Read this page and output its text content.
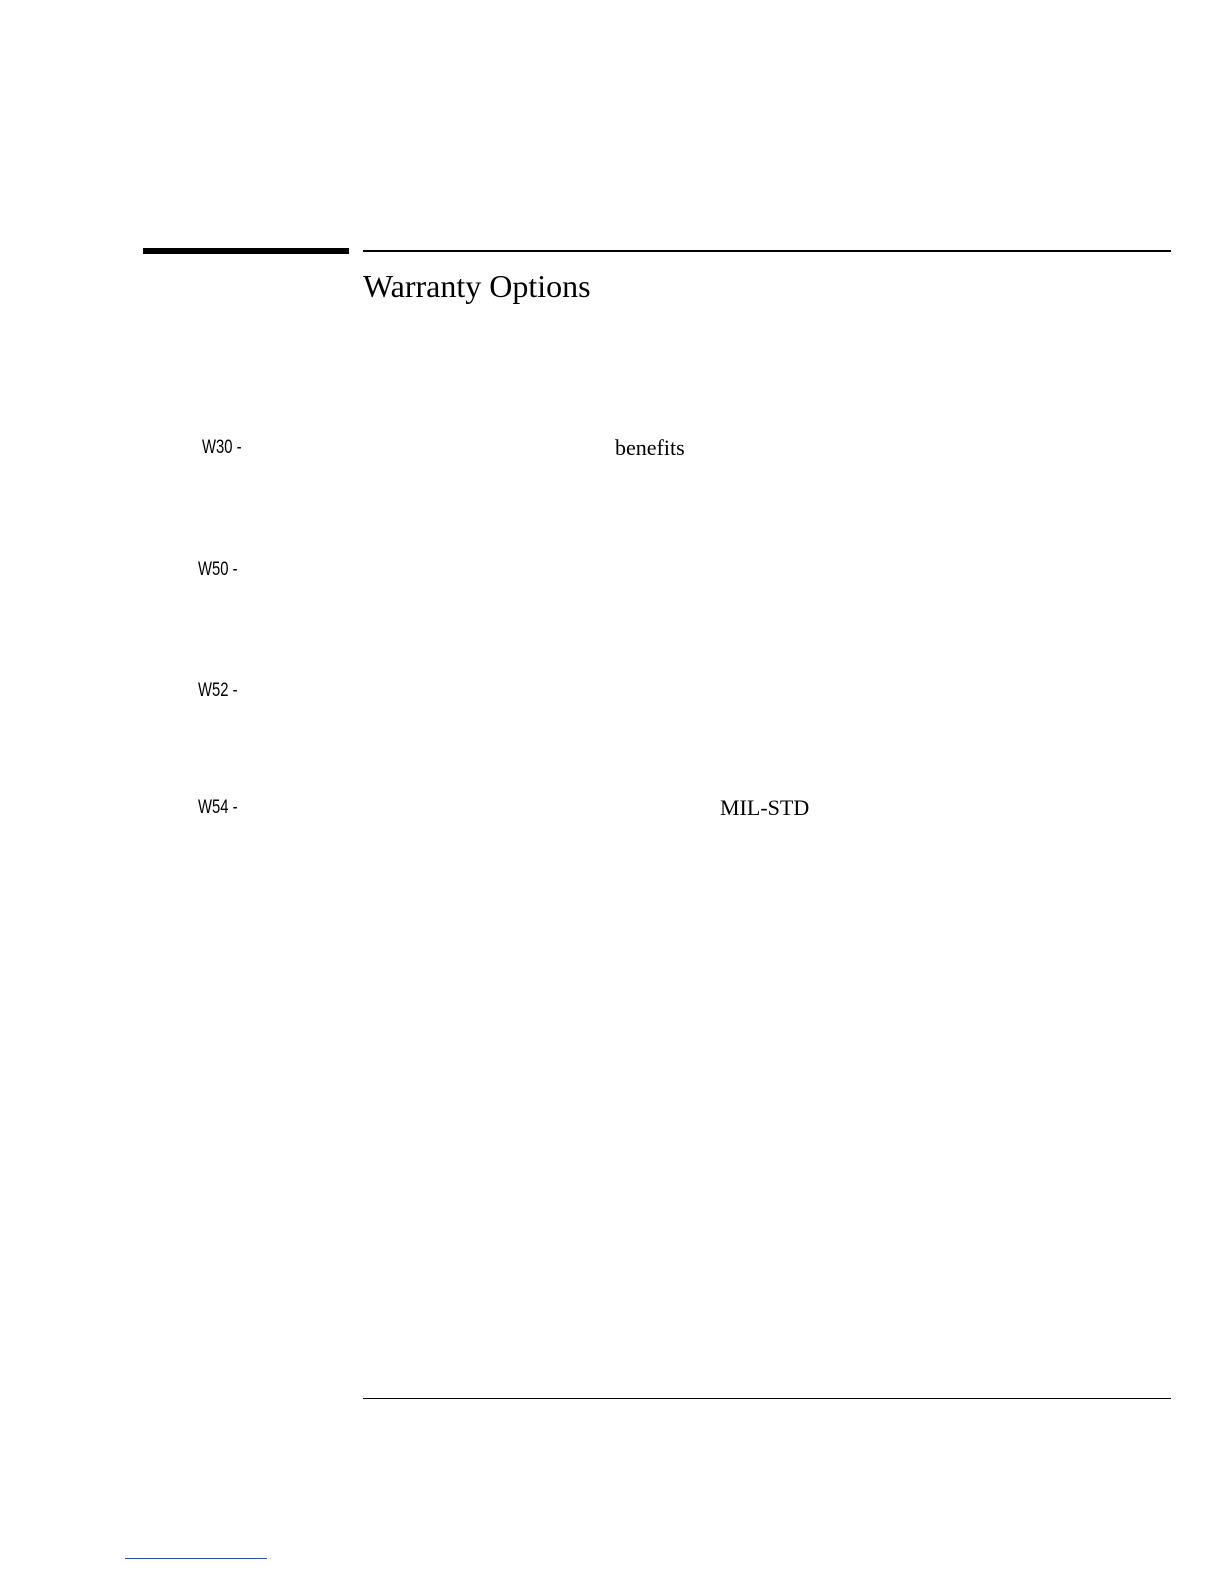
Warranty Options
W30 -	benefits
W50 -
W52 -
W54 -	MIL-STD
